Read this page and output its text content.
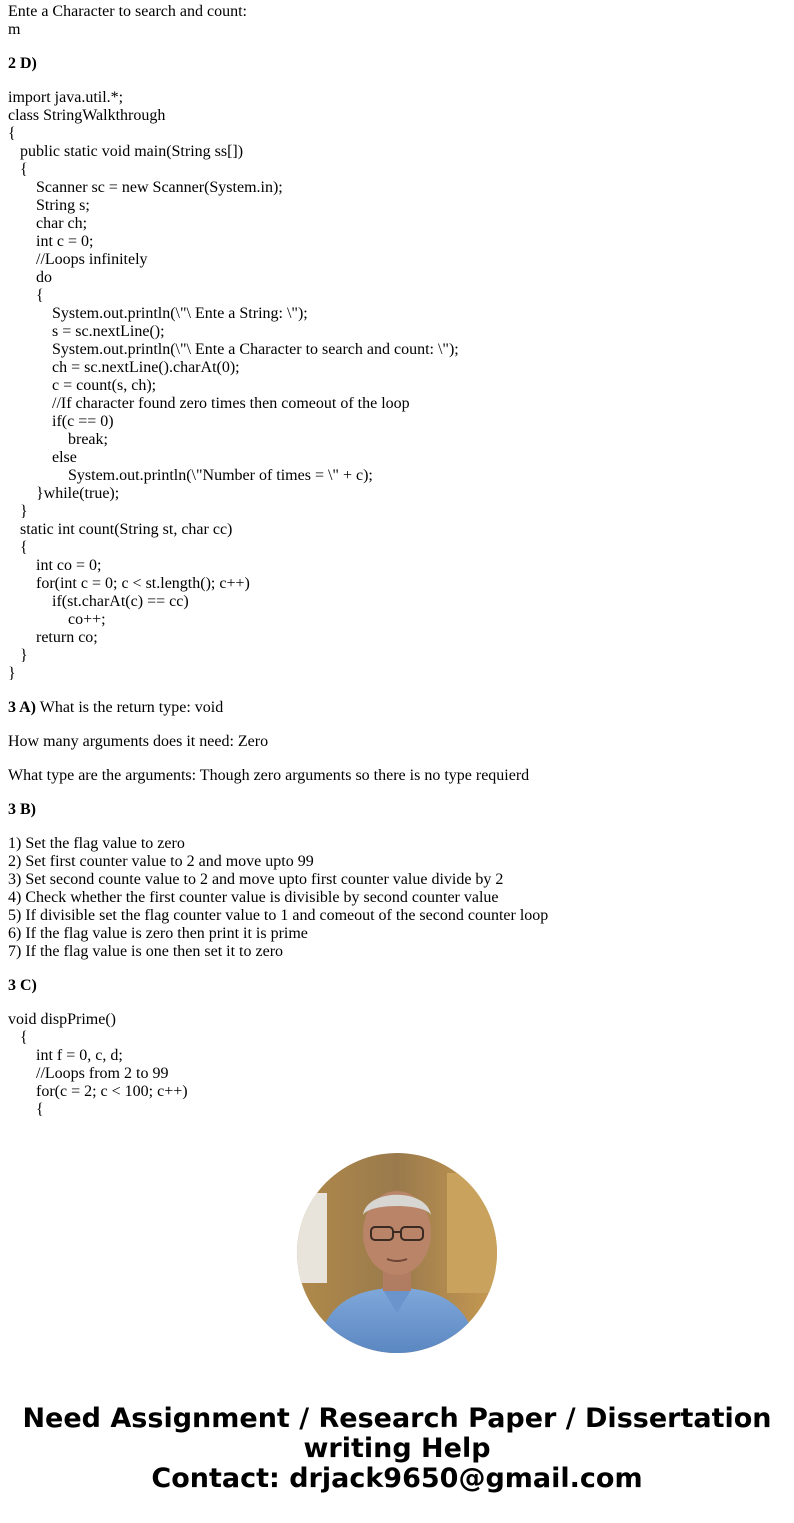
Ente a Character to search and count:
m
2 D)
import java.util.*;
class StringWalkthrough
{
public static void main(String ss[])
{
Scanner sc = new Scanner(System.in);
String s;
char ch;
int c = 0;
//Loops infinitely
do
{
System.out.println(\"\ Ente a String: \");
s = sc.nextLine();
System.out.println(\"\ Ente a Character to search and count: \");
ch = sc.nextLine().charAt(0);
c = count(s, ch);
//If character found zero times then comeout of the loop
if(c == 0)
break;
else
System.out.println(\"Number of times = \" + c);
}while(true);
}
static int count(String st, char cc)
{
int co = 0;
for(int c = 0; c < st.length(); c++)
if(st.charAt(c) == cc)
co++;
return co;
}
}
3 A) What is the return type: void
How many arguments does it need: Zero
What type are the arguments: Though zero arguments so there is no type requierd
3 B)
1) Set the flag value to zero
2) Set first counter value to 2 and move upto 99
3) Set second counte value to 2 and move upto first counter value divide by 2
4) Check whether the first counter value is divisible by second counter value
5) If divisible set the flag counter value to 1 and comeout of the second counter loop
6) If the flag value is zero then print it is prime
7) If the flag value is one then set it to zero
3 C)
void dispPrime()
{
int f = 0, c, d;
//Loops from 2 to 99
for(c = 2; c < 100; c++)
{
Need Assignment / Research Paper / Dissertation
writing Help
Contact: drjack9650@gmail.com
